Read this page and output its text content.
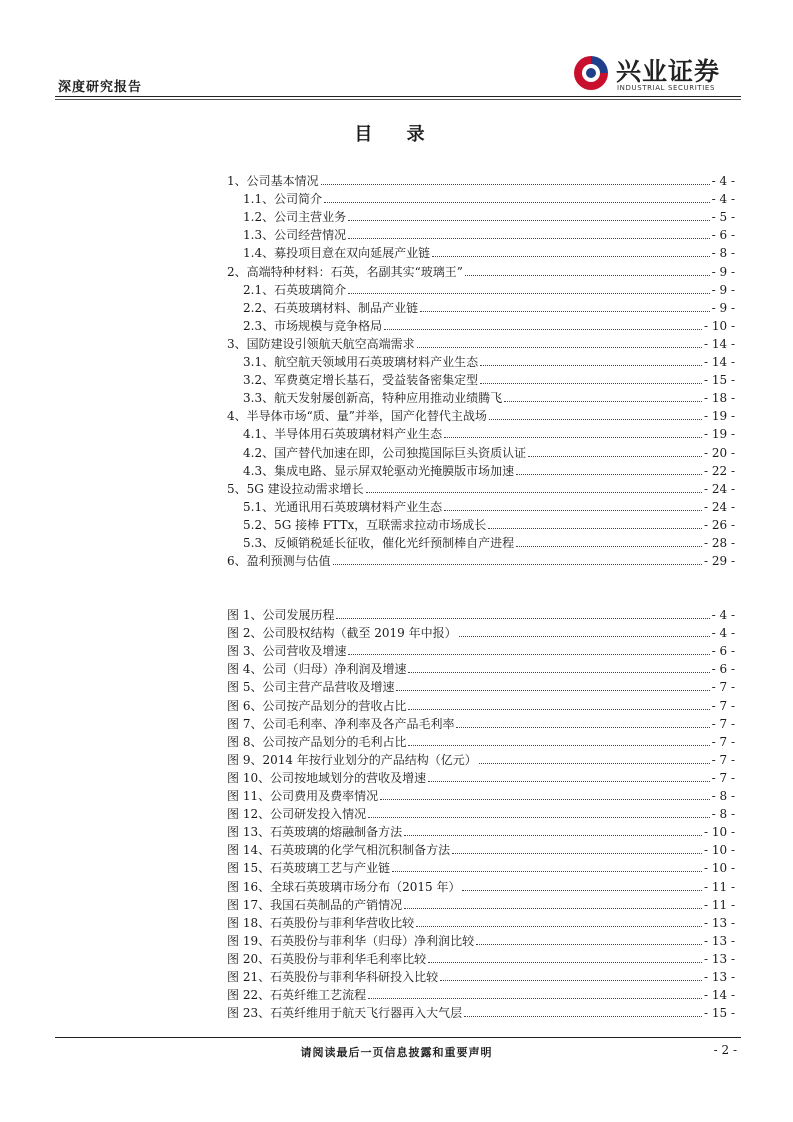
深度研究报告
兴业证券
INDUSTRIAL SECURITIES
目 录
1、公司基本情况	- 4 -
1.1、公司简介	- 4 -
1.2、公司主营业务	- 5 -
1.3、公司经营情况	- 6 -
1.4、募投项目意在双向延展产业链	- 8 -
2、高端特种材料：石英，名副其实“玻璃王”	- 9 -
2.1、石英玻璃简介	- 9 -
2.2、石英玻璃材料、制品产业链	- 9 -
2.3、市场规模与竞争格局	- 10 -
3、国防建设引领航天航空高端需求	- 14 -
3.1、航空航天领域用石英玻璃材料产业生态	- 14 -
3.2、军费奠定增长基石，受益装备密集定型	- 15 -
3.3、航天发射屡创新高，特种应用推动业绩腾飞	- 18 -
4、半导体市场“质、量”并举，国产化替代主战场	- 19 -
4.1、半导体用石英玻璃材料产业生态	- 19 -
4.2、国产替代加速在即，公司独揽国际巨头资质认证	- 20 -
4.3、集成电路、显示屏双轮驱动光掩膜版市场加速	- 22 -
5、5G 建设拉动需求增长	- 24 -
5.1、光通讯用石英玻璃材料产业生态	- 24 -
5.2、5G 接棒 FTTx，互联需求拉动市场成长	- 26 -
5.3、反倾销税延长征收，催化光纤预制棒自产进程	- 28 -
6、盈利预测与估值	- 29 -
图 1、公司发展历程	- 4 -
图 2、公司股权结构（截至 2019 年中报）	- 4 -
图 3、公司营收及增速	- 6 -
图 4、公司（归母）净利润及增速	- 6 -
图 5、公司主营产品营收及增速	- 7 -
图 6、公司按产品划分的营收占比	- 7 -
图 7、公司毛利率、净利率及各产品毛利率	- 7 -
图 8、公司按产品划分的毛利占比	- 7 -
图 9、2014 年按行业划分的产品结构（亿元）	- 7 -
图 10、公司按地域划分的营收及增速	- 7 -
图 11、公司费用及费率情况	- 8 -
图 12、公司研发投入情况	- 8 -
图 13、石英玻璃的熔融制备方法	- 10 -
图 14、石英玻璃的化学气相沉积制备方法	- 10 -
图 15、石英玻璃工艺与产业链	- 10 -
图 16、全球石英玻璃市场分布（2015 年）	- 11 -
图 17、我国石英制品的产销情况	- 11 -
图 18、石英股份与菲利华营收比较	- 13 -
图 19、石英股份与菲利华（归母）净利润比较	- 13 -
图 20、石英股份与菲利华毛利率比较	- 13 -
图 21、石英股份与菲利华科研投入比较	- 13 -
图 22、石英纤维工艺流程	- 14 -
图 23、石英纤维用于航天飞行器再入大气层	- 15 -
请阅读最后一页信息披露和重要声明	- 2 -
